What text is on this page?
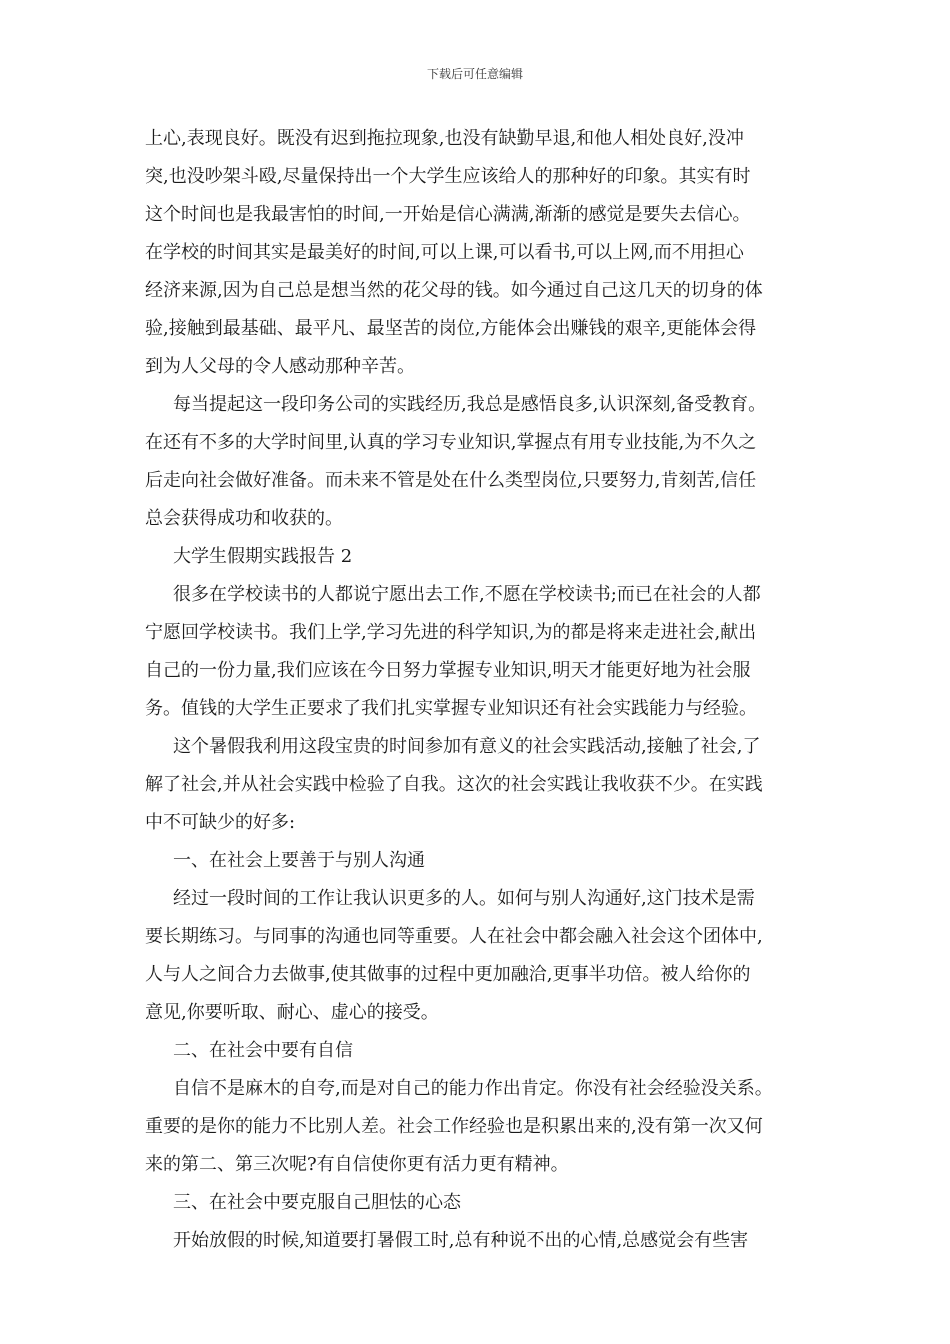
下载后可任意编辑
上心,表现良好。既没有迟到拖拉现象,也没有缺勤早退,和他人相处良好,没冲
突,也没吵架斗殴,尽量保持出一个大学生应该给人的那种好的印象。其实有时
这个时间也是我最害怕的时间,一开始是信心满满,渐渐的感觉是要失去信心。
在学校的时间其实是最美好的时间,可以上课,可以看书,可以上网,而不用担心
经济来源,因为自己总是想当然的花父母的钱。如今通过自己这几天的切身的体
验,接触到最基础、最平凡、最坚苦的岗位,方能体会出赚钱的艰辛,更能体会得
到为人父母的令人感动那种辛苦。
每当提起这一段印务公司的实践经历,我总是感悟良多,认识深刻,备受教育。
在还有不多的大学时间里,认真的学习专业知识,掌握点有用专业技能,为不久之
后走向社会做好准备。而未来不管是处在什么类型岗位,只要努力,肯刻苦,信任
总会获得成功和收获的。
大学生假期实践报告 2
很多在学校读书的人都说宁愿出去工作,不愿在学校读书;而已在社会的人都
宁愿回学校读书。我们上学,学习先进的科学知识,为的都是将来走进社会,献出
自己的一份力量,我们应该在今日努力掌握专业知识,明天才能更好地为社会服
务。值钱的大学生正要求了我们扎实掌握专业知识还有社会实践能力与经验。
这个暑假我利用这段宝贵的时间参加有意义的社会实践活动,接触了社会,了
解了社会,并从社会实践中检验了自我。这次的社会实践让我收获不少。在实践
中不可缺少的好多:
一、在社会上要善于与别人沟通
经过一段时间的工作让我认识更多的人。如何与别人沟通好,这门技术是需
要长期练习。与同事的沟通也同等重要。人在社会中都会融入社会这个团体中,
人与人之间合力去做事,使其做事的过程中更加融洽,更事半功倍。被人给你的
意见,你要听取、耐心、虚心的接受。
二、在社会中要有自信
自信不是麻木的自夸,而是对自己的能力作出肯定。你没有社会经验没关系。
重要的是你的能力不比别人差。社会工作经验也是积累出来的,没有第一次又何
来的第二、第三次呢?有自信使你更有活力更有精神。
三、在社会中要克服自己胆怯的心态
开始放假的时候,知道要打暑假工时,总有种说不出的心情,总感觉会有些害
